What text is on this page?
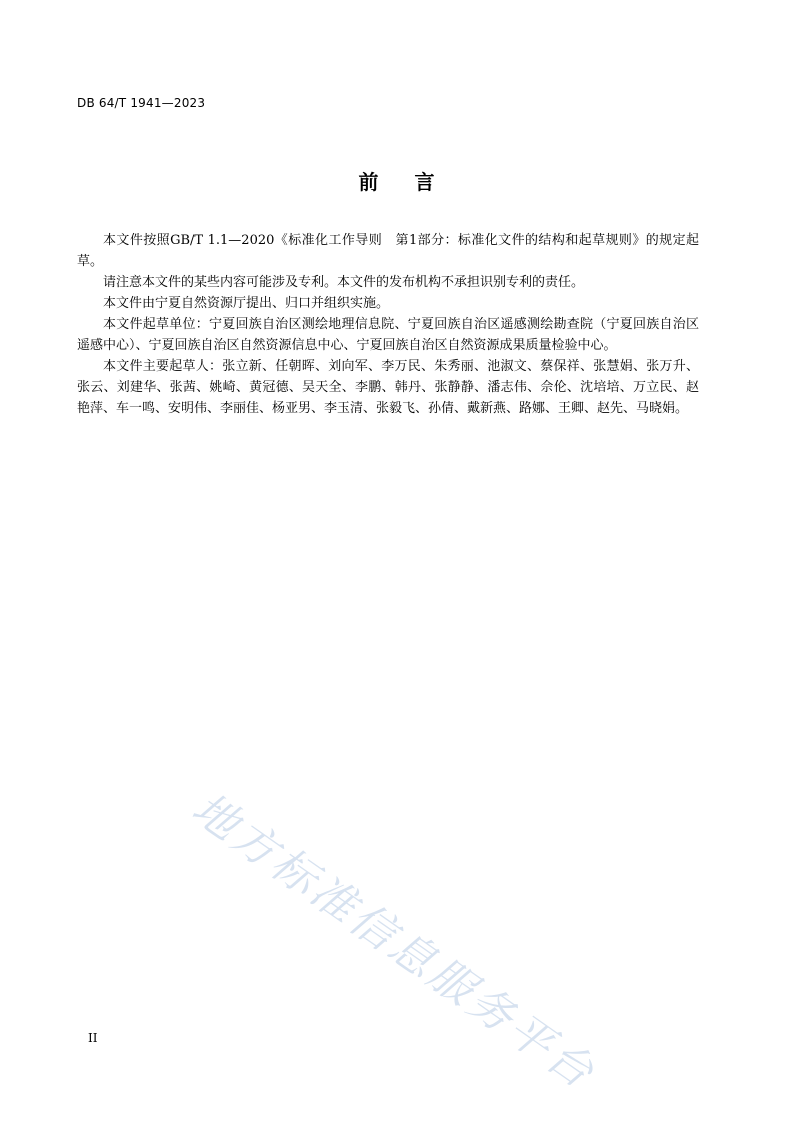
DB 64/T 1941—2023
前 言

本文件按照GB/T 1.1—2020《标准化工作导则　第1部分：标准化文件的结构和起草规则》的规定起草。

请注意本文件的某些内容可能涉及专利。本文件的发布机构不承担识别专利的责任。

本文件由宁夏自然资源厅提出、归口并组织实施。

本文件起草单位：宁夏回族自治区测绘地理信息院、宁夏回族自治区遥感测绘勘查院（宁夏回族自治区遥感中心）、宁夏回族自治区自然资源信息中心、宁夏回族自治区自然资源成果质量检验中心。

本文件主要起草人：张立新、任朝晖、刘向军、李万民、朱秀丽、池淑文、蔡保祥、张慧娟、张万升、张云、刘建华、张茜、姚崎、黄冠德、吴天全、李鹏、韩丹、张静静、潘志伟、佘伦、沈培培、万立民、赵艳萍、车一鸣、安明伟、李丽佳、杨亚男、李玉清、张毅飞、孙倩、戴新燕、路娜、王卿、赵先、马晓娟。

地方标准信息服务平台
II
